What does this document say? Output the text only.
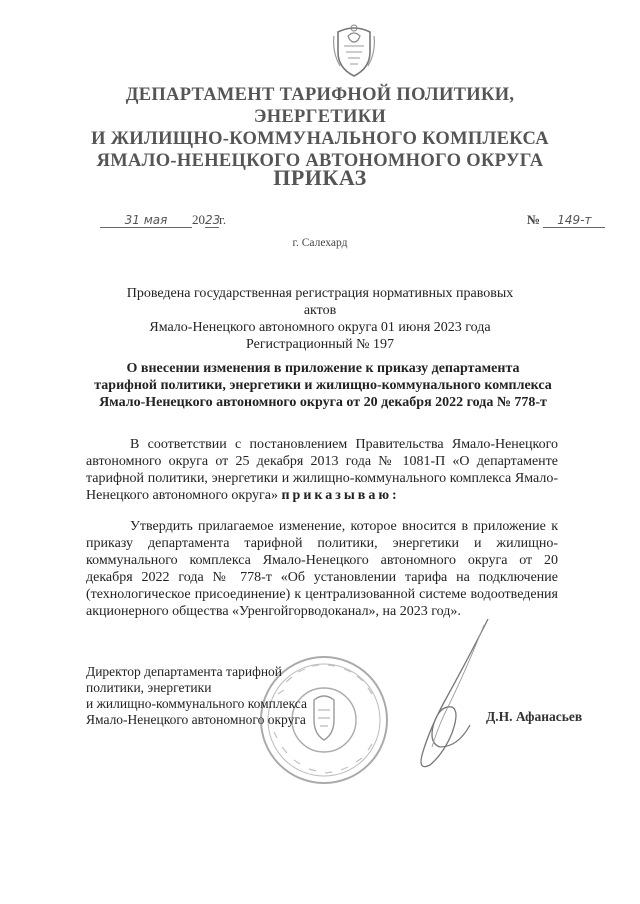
ДЕПАРТАМЕНТ ТАРИФНОЙ ПОЛИТИКИ, ЭНЕРГЕТИКИ
И ЖИЛИЩНО-КОММУНАЛЬНОГО КОМПЛЕКСА
ЯМАЛО-НЕНЕЦКОГО АВТОНОМНОГО ОКРУГА
ПРИКАЗ
31 мая 2023г.	№ 149-т
г. Салехард
Проведена государственная регистрация нормативных правовых актов
Ямало-Ненецкого автономного округа 01 июня 2023 года
Регистрационный № 197
О внесении изменения в приложение к приказу департамента
тарифной политики, энергетики и жилищно-коммунального комплекса
Ямало-Ненецкого автономного округа от 20 декабря 2022 года № 778-т
В соответствии с постановлением Правительства Ямало-Ненецкого автономного округа от 25 декабря 2013 года № 1081-П «О департаменте тарифной политики, энергетики и жилищно-коммунального комплекса Ямало-Ненецкого автономного округа» приказываю:
Утвердить прилагаемое изменение, которое вносится в приложение к приказу департамента тарифной политики, энергетики и жилищно-коммунального комплекса Ямало-Ненецкого автономного округа от 20 декабря 2022 года № 778-т «Об установлении тарифа на подключение (технологическое присоединение) к централизованной системе водоотведения акционерного общества «Уренгойгорводоканал», на 2023 год».
Директор департамента тарифной
политики, энергетики
и жилищно-коммунального комплекса
Ямало-Ненецкого автономного округа	Д.Н. Афанасьев
